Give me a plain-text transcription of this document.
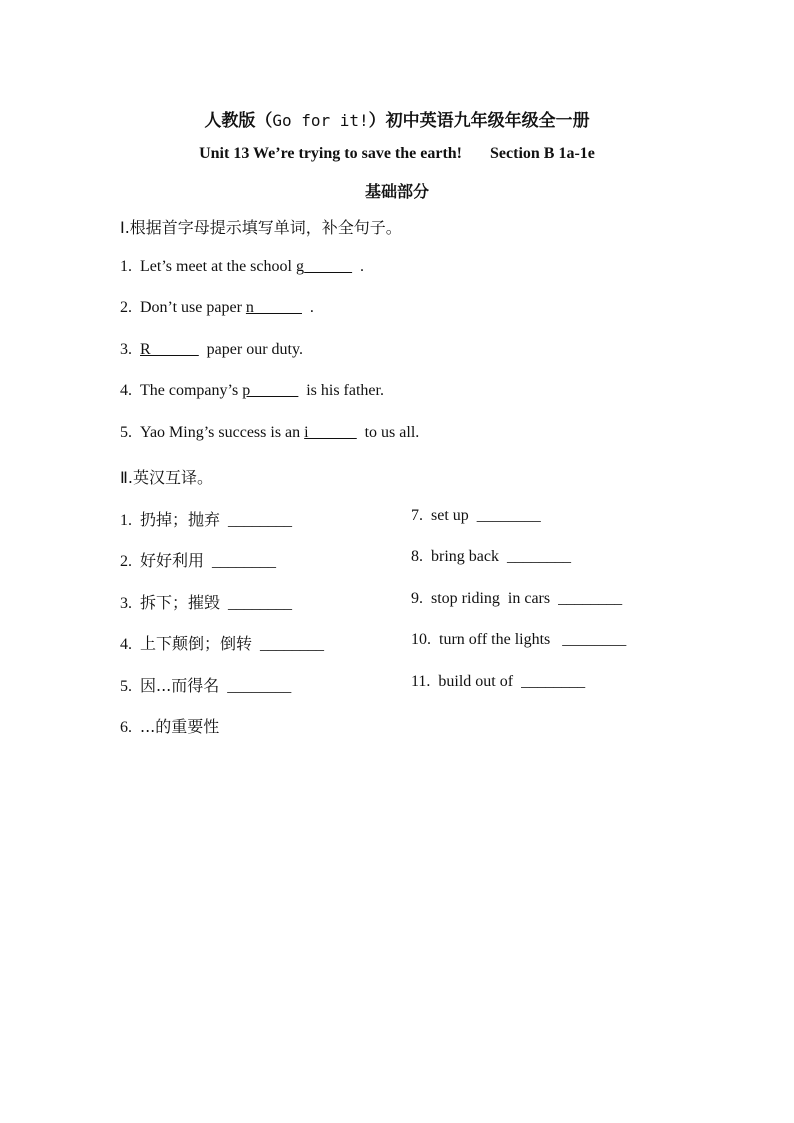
人教版（Go for it!）初中英语九年级年级全一册
Unit 13 We’re trying to save the earth! Section B 1a-1e
基础部分
Ⅰ.根据首字母提示填写单词，补全句子。
1. Let’s meet at the school g______  .
2. Don’t use paper n______  .
3. R______  paper our duty.
4. The company’s p______  is his father.
5. Yao Ming’s success is an i______  to us all.
Ⅱ.英汉互译。
1. 扔掉；抛弃 ________
2. 好好利用 ________
3. 拆下；摧毁 ________
4. 上下颠倒；倒转 ________
5. 因...而得名 ________
6. ...的重要性
7. set up ________
8. bring back ________
9. stop riding  in cars ________
10. turn off the lights ________
11. build out of ________
